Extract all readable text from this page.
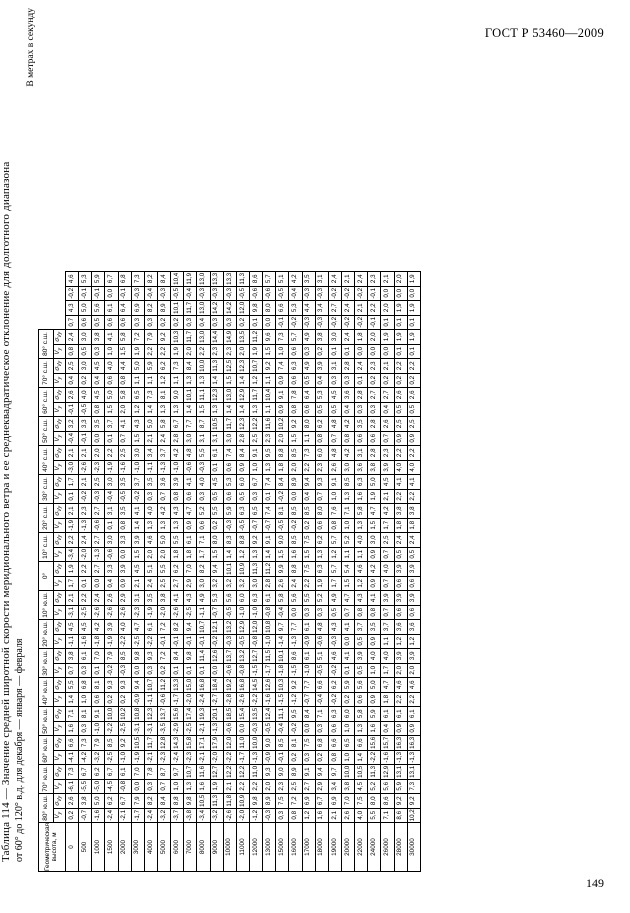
ГОСТ Р 53460—2009
149
Таблица 114 — Значение средней широтной скорости меридионального ветра и ее среднеквадратическое отклонение для долготного диапазона от 60° до 120° в.д. для декабря — января — февраля
В метрах в секунду
Геометрическая высота, м	80° ю.ш.		70° ю.ш.		60° ю.ш.		50° ю.ш.		40° ю.ш.		30° ю.ш.		20° ю.ш.		10° ю.ш.		0°		10° с.ш.		20° с.ш.		30° с.ш.		40° с.ш.		50° с.ш.		60° с.ш.		70° с.ш.		80° с.ш.					
	$V_y$	$\sigma_{Vy}$	$V_y$	$\sigma_{Vy}$	$V_y$	$\sigma_{Vy}$	$V_y$	$\sigma_{Vy}$	$V_y$	$\sigma_{Vy}$	$V_y$	$\sigma_{Vy}$	$V_y$	$\sigma_{Vy}$	$V_y$	$\sigma_{Vy}$	$V_y$	$\sigma_{Vy}$	$V_y$	$\sigma_{Vy}$	$V_y$	$\sigma_{Vy}$	$V_y$	$\sigma_{Vy}$	$V_y$	$\sigma_{Vy}$	$V_y$	$\sigma_{Vy}$	$V_y$	$\sigma_{Vy}$	$V_y$	$\sigma_{Vy}$	$V_y$	$\sigma_{Vy}$
0	0,2	2,6	-6,1	7,3	-4,1	6,6	1,6	7,1	1,4	5,5	0,7	3,8	-1,1	4,5	-3,1	2,1	1,7	1,9	-3,4	2,2	-1,9	2,1	0,1	1,7	-3,0	2,1	-0,4	3,2	-0,1	2,6	0,4	2,5	0,8	2,4	0,7	4,3	-0,2	4,6
500	-0,7	3,8	-5,5	6,7	-4,2	7,3	0,3	8,1	1,0	6,8	0,3	6,1	-1,6	4,5	-2,5	2,2	0,1	2,2	-2,0	2,4	-1,3	2,3	-0,2	2,1	-2,6	2,1	-0,1	3,3	-0,5	4,0	0,2	3,0	0,5	3,0	0,6	5,0	-0,1	5,3
1000	-1,6	5,0	-5,0	6,2	-3,2	7,9	-1,0	9,1	0,6	8,1	0,1	7,0	-1,8	4,2	-2,6	2,4	0,0	2,7	-1,3	2,7	-0,6	2,7	-0,3	2,5	-2,3	2,0	0,0	3,5	0,8	4,5	0,4	4,5	0,3	3,8	0,5	5,6	-0,1	5,9
1500	-2,4	6,2	-4,5	6,7	-2,5	8,5	-2,2	10,0	0,2	9,3	-0,2	7,9	-1,9	3,9	-2,6	2,6	0,4	3,3	-0,6	3,0	0,1	3,1	-0,4	3,0	-1,9	2,2	0,1	3,7	1,5	5,0	0,6	4,0	1,0	4,1	0,6	6,1	0,0	6,7
2000	-2,1	6,7	-0,8	6,1	-1,0	9,2	-2,5	10,2	0,2	9,3	-0,3	8,5	-2,2	4,0	-2,6	2,9	0,9	3,9	0,0	3,3	0,8	3,5	-0,5	3,5	-1,6	2,5	0,7	4,1	2,0	5,8	0,8	4,4	1,5	5,8	0,6	6,4	-0,1	6,8
3000	-1,7	7,9	0,0	7,0	-1,9	10,5	-3,1	10,8	-0,9	9,4	0,0	9,8	-2,5	4,7	-2,3	3,1	2,1	4,5	1,5	3,9	1,4	4,1	-0,2	3,7	-1,0	3,0	1,5	4,3	1,2	6,5	1,1	5,0	1,9	7,2	0,3	6,9	-0,3	7,3
4000	-2,4	8,2	0,3	7,8	-2,1	11,7	-3,1	12,3	-1,1	10,7	0,3	9,3	-2,2	6,1	-1,9	3,5	2,4	5,1	2,0	4,6	1,3	4,0	0,3	3,5	-1,1	3,4	2,1	5,0	1,4	7,3	1,1	5,9	2,2	7,9	0,3	8,2	-0,4	8,2
5000	-3,2	8,4	0,7	8,7	-2,3	12,8	-3,5	13,7	-0,6	11,2	0,2	7,2	-0,1	7,2	-2,0	3,8	2,5	5,5	2,0	5,0	1,3	4,2	0,7	3,6	-1,3	3,7	2,4	5,8	1,3	8,1	1,2	6,2	2,2	9,2	0,2	8,9	-0,3	8,4
6000	-3,7	8,8	1,0	9,7	-2,4	14,3	-2,9	15,6	-1,7	13,3	0,1	8,4	-0,1	8,2	-2,6	4,1	2,7	6,2	1,8	5,5	1,3	4,3	0,8	3,9	-1,0	4,2	2,8	6,7	1,3	9,0	1,1	7,3	1,9	10,3	0,2	10,1	-0,5	10,4
7000	-3,8	9,8	1,3	10,7	-2,3	15,8	-2,5	17,4	-2,0	15,0	0,1	9,8	-0,1	9,4	-2,5	4,3	2,9	7,0	1,8	6,1	0,9	4,7	0,6	4,1	-0,6	4,8	3,0	7,7	1,4	10,1	1,3	8,4	2,0	11,7	0,3	11,7	-0,4	11,9
8000	-3,4	10,5	1,6	11,6	-2,1	17,1	-2,1	19,3	-2,4	16,8	0,1	11,4	-0,1	10,7	-1,1	4,9	3,0	8,2	1,7	7,1	0,6	5,2	0,3	4,0	-0,3	5,5	3,1	8,7	1,5	11,1	1,3	10,0	2,2	13,0	0,4	13,0	-0,3	13,0
9000	-3,2	11,3	1,9	12,7	-2,0	17,9	-1,3	20,1	-2,7	18,4	0,0	12,6	-0,2	12,1	-0,7	5,3	3,2	9,4	1,5	8,0	0,2	5,5	0,5	4,5	0,1	6,1	3,1	10,5	1,3	12,3	1,4	11,3	2,3	14,4	0,3	14,2	-0,3	13,3
10000	-2,6	11,8	2,1	12,2	-2,2	12,0	-0,6	18,5	-2,8	19,2	-0,6	13,7	-0,3	13,2	-0,5	5,6	3,2	10,1	1,4	8,3	-0,3	5,9	0,6	5,3	0,6	7,4	3,0	11,7	1,4	13,0	1,5	12,5	2,3	14,9	0,3	14,2	-0,3	13,3
11000	-2,0	10,9	2,2	12,2	-1,7	11,0	0,0	15,4	-2,6	16,8	-0,8	13,2	-0,5	12,9	-1,0	6,0	3,2	10,9	1,2	8,8	-0,5	6,3	0,5	6,0	0,9	8,4	2,8	12,3	1,4	12,9	1,4	12,3	2,0	13,5	0,2	12,0	-0,5	11,3
12000	-1,2	9,8	2,2	11,0	-1,3	10,0	-0,3	13,5	-2,2	14,5	-1,5	12,7	-0,8	12,0	-1,0	6,3	3,0	11,3	1,3	9,2	-0,7	6,5	0,3	6,7	1,0	9,1	2,5	12,2	1,3	11,7	1,2	10,7	1,9	11,2	0,1	9,8	-0,6	8,6
13000	-0,3	8,9	2,0	9,3	-0,9	9,0	-0,5	12,4	-1,6	12,6	-1,7	11,5	-1,0	10,8	-0,8	6,1	2,8	11,2	1,4	9,1	-0,7	7,4	0,1	7,4	1,3	9,5	2,3	11,6	1,1	10,4	1,1	9,2	1,5	9,6	0,0	8,0	-0,6	5,7
15000	0,3	7,5	2,3	9,0	-0,1	8,5	-0,4	11,1	-1,5	10,3	-1,8	10,1	-1,4	9,7	-0,4	5,8	2,6	9,9	1,5	9,0	-0,5	8,1	-0,2	8,4	1,8	8,8	2,0	10,2	0,9	9,1	0,9	7,4	1,0	7,3	-0,1	6,6	-0,5	5,1
16000	0,8	7,2	2,5	8,9	0,2	8,1	-0,2	9,5	-1,2	9,2	-1,5	8,6	-1,3	7,7	0,0	5,6	2,4	8,8	1,6	8,5	-0,2	8,5	0,0	8,9	2,0	8,5	1,5	9,2	0,8	7,8	0,6	6,3	0,6	5,7	-0,2	5,3	-0,4	4,2
17000	1,2	6,9	2,7	9,1	0,3	7,5	0,0	8,4	-0,7	7,7	-1,0	6,1	-0,9	6,1	0,3	5,5	2,2	7,5	1,5	7,5	0,2	8,5	0,4	9,4	2,2	7,3	1,1	8,0	0,6	6,4	0,5	4,9	0,3	4,9	-0,3	4,4	-0,3	3,5
18000	1,6	6,7	2,9	9,4	0,2	6,8	0,3	7,1	-0,4	6,6	-0,5	5,1	-0,6	4,8	0,3	5,2	1,9	6,3	1,3	6,2	0,6	8,0	0,7	9,3	2,3	6,0	0,8	6,2	0,5	5,3	0,4	3,9	0,2	3,8	-0,3	3,4	-0,3	3,1
19000	2,1	6,9	3,4	9,7	0,8	6,6	0,6	6,3	-0,2	6,2	-0,2	4,6	-0,3	4,3	0,5	4,9	1,7	5,7	1,2	5,7	0,8	7,6	1,0	9,1	2,6	4,8	0,7	4,8	0,5	4,5	0,3	3,1	0,1	3,0	-0,2	2,7	-0,2	2,4
20000	2,6	7,0	3,8	10,0	1,0	6,5	1,0	6,0	0,2	5,9	0,1	4,1	0,0	4,1	0,7	4,7	1,5	5,4	1,1	5,2	1,0	7,1	1,3	8,5	3,0	4,2	0,8	4,2	0,4	3,6	0,3	2,8	0,1	2,4	-0,2	2,4	-0,2	2,1
22000	4,0	7,5	4,5	10,5	1,4	6,6	1,3	5,8	0,6	5,6	0,5	3,9	0,5	3,7	0,8	4,3	1,2	4,6	1,1	4,0	1,3	5,8	1,6	6,3	3,6	3,1	0,6	3,5	0,3	2,8	0,1	2,4	0,0	1,8	-0,2	2,1	-0,2	2,4
24000	5,5	8,0	5,2	11,3	-2,2	15,6	1,6	5,9	0,9	5,0	1,0	4,0	0,9	3,5	0,8	4,1	0,9	4,2	0,9	3,0	1,5	4,7	1,9	5,0	3,8	2,8	0,6	2,8	0,3	2,7	0,2	2,3	0,0	2,0	-0,1	2,2	-0,1	2,3
26000	7,1	8,6	5,6	12,9	-1,6	15,7	0,4	6,1	1,8	4,7	1,7	4,0	1,1	3,7	0,7	3,9	0,7	4,0	0,7	2,5	1,7	4,2	2,1	4,5	3,9	2,3	0,7	2,6	0,4	2,7	0,2	2,1	0,0	1,9	0,1	2,0	0,0	2,1
28000	8,6	9,2	5,9	13,1	-1,3	16,3	0,9	6,1	2,2	4,6	2,0	3,9	1,2	3,6	0,6	3,9	0,6	3,9	0,5	2,4	1,8	3,8	2,2	4,1	4,0	2,2	0,9	2,5	0,5	2,6	0,2	2,2	0,1	1,9	0,1	1,9	0,0	2,0
30000	10,2	9,2	7,3	13,1	-1,3	16,3	0,9	6,1	2,2	4,6	2,0	3,9	1,2	3,6	0,6	3,9	0,6	3,9	0,5	2,4	1,8	3,8	2,2	4,1	4,0	2,2	0,9	2,5	0,5	2,6	0,2	2,2	0,1	1,9	0,1	1,9	0,0	1,9
